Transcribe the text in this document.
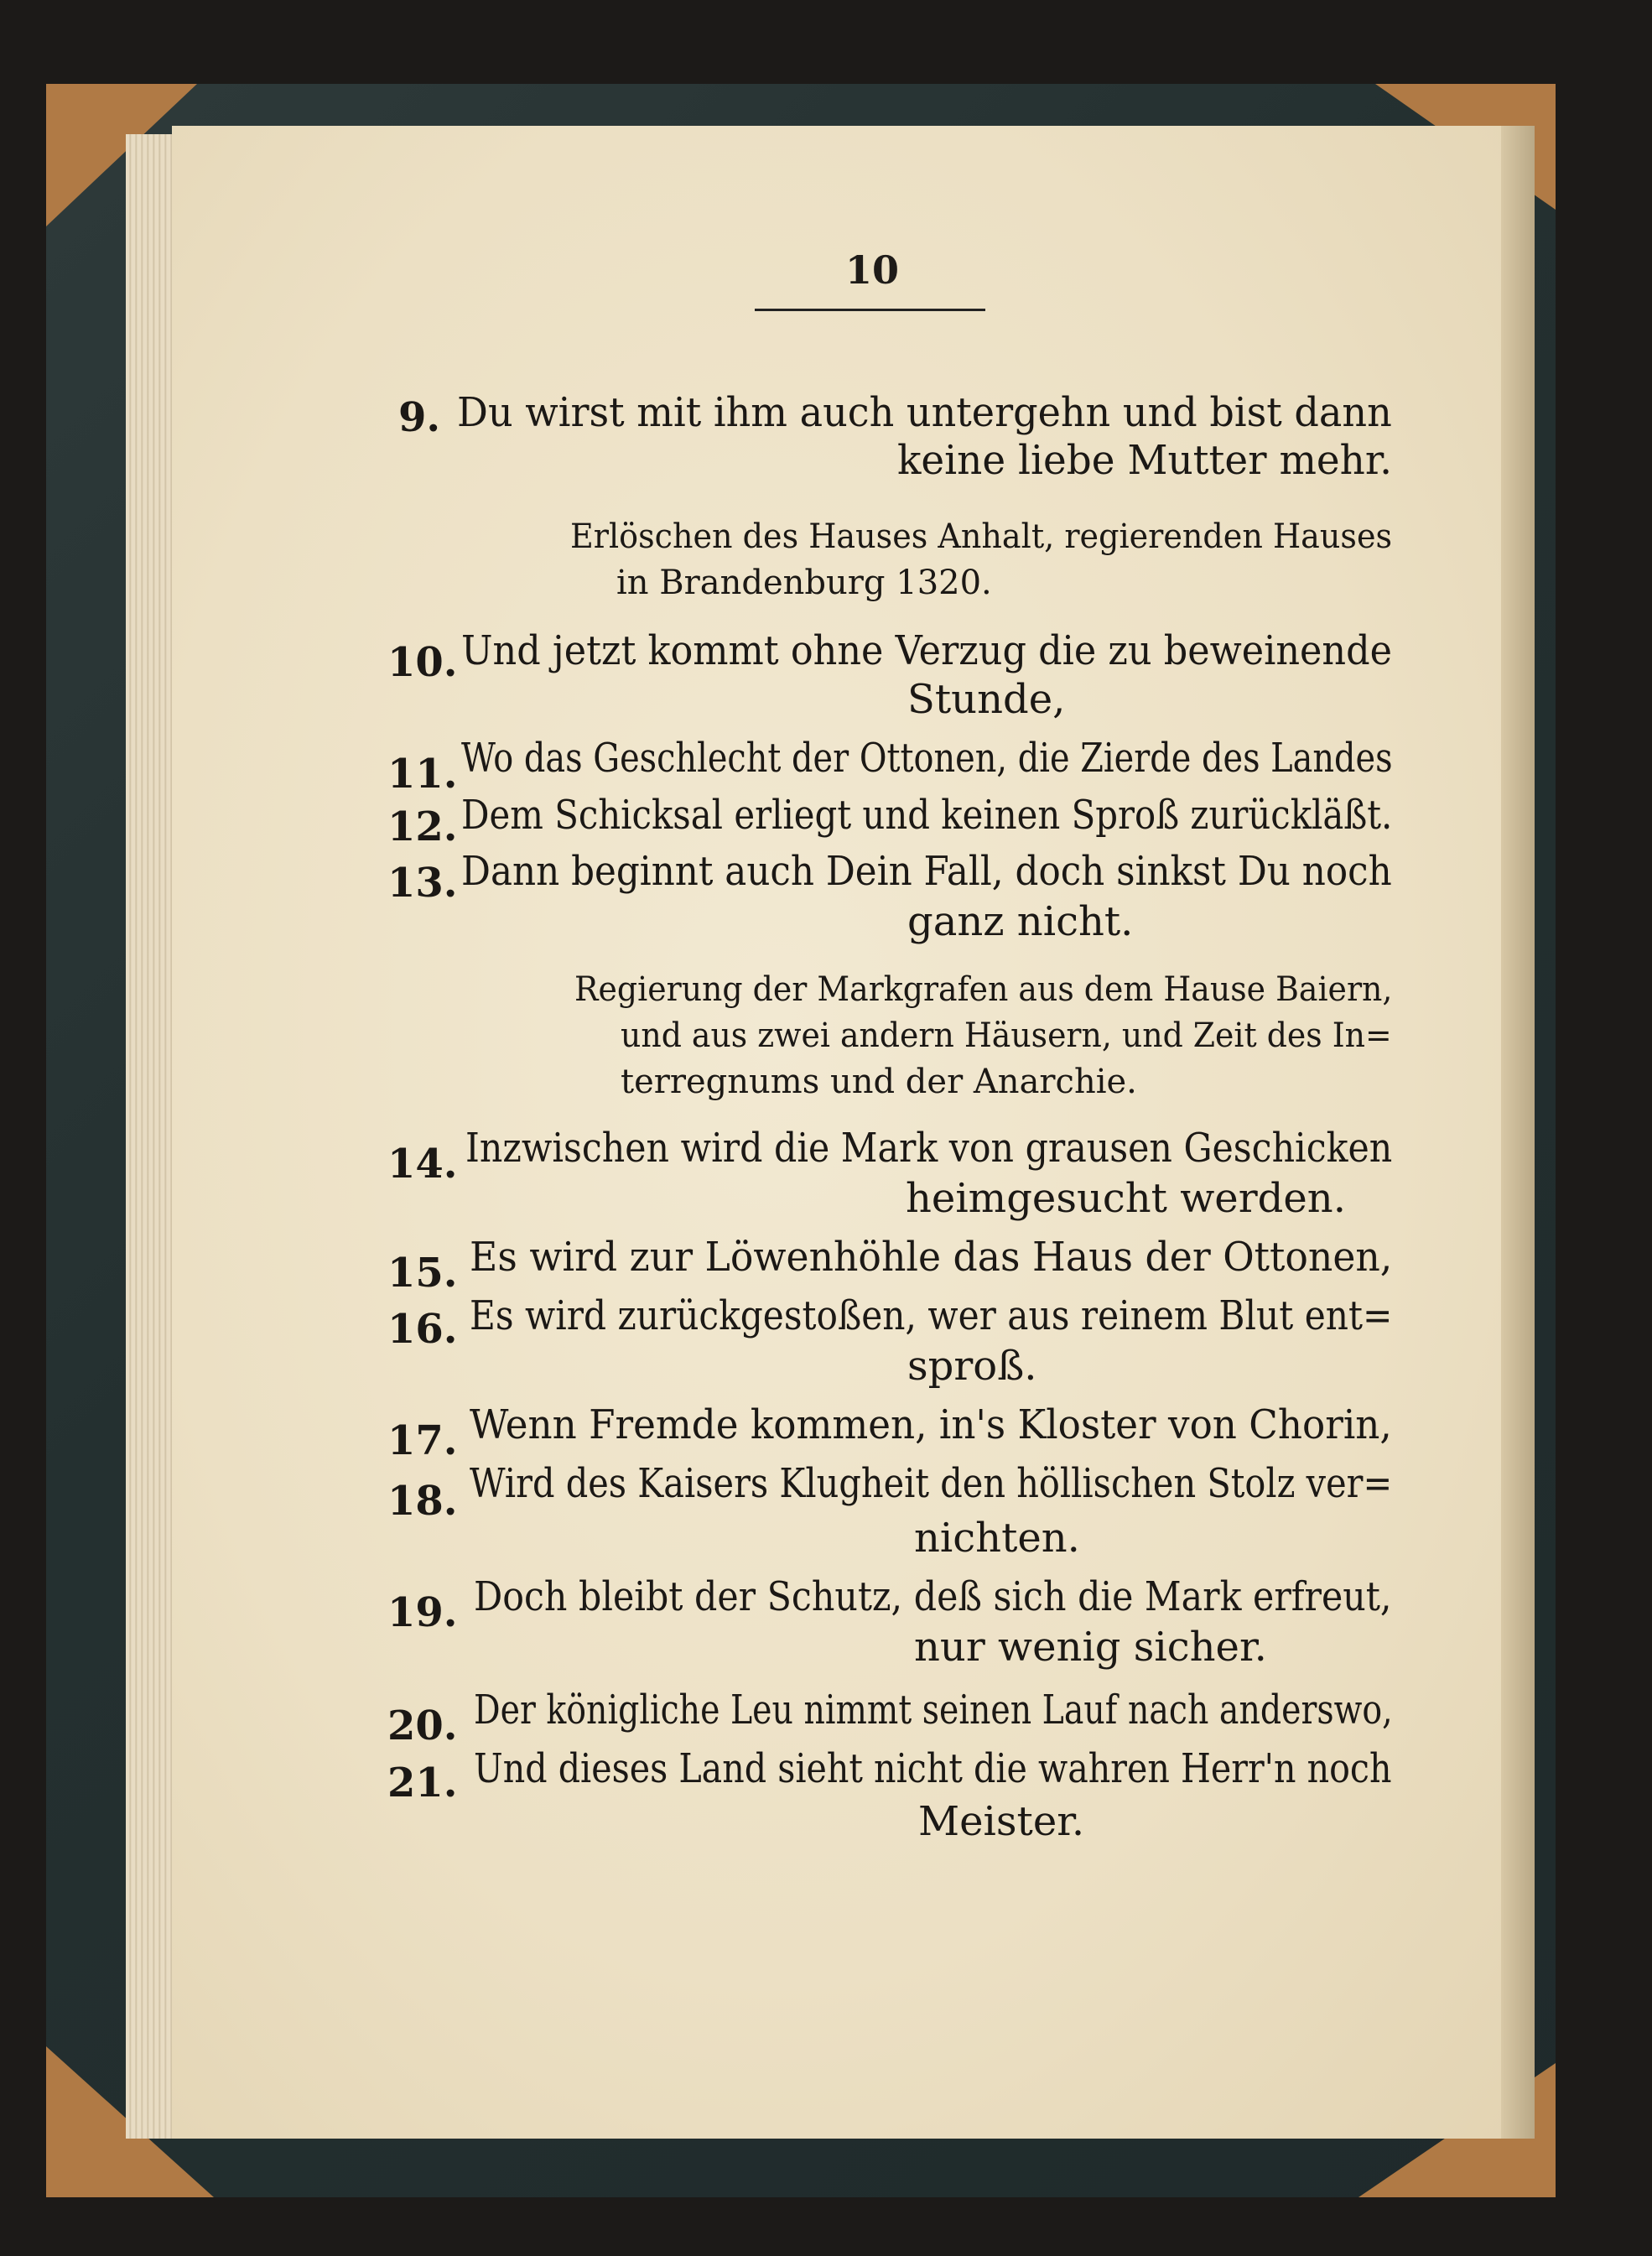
10
9. Du wirst mit ihm auch untergehn und bist dann
keine liebe Mutter mehr.
Erlöschen des Hauses Anhalt, regierenden Hauses
in Brandenburg 1320.
10. Und jetzt kommt ohne Verzug die zu beweinende
Stunde,
11. Wo das Geschlecht der Ottonen, die Zierde des Landes
12. Dem Schicksal erliegt und keinen Sproß zurückläßt.
13. Dann beginnt auch Dein Fall, doch sinkst Du noch
ganz nicht.
Regierung der Markgrafen aus dem Hause Baiern,
und aus zwei andern Häusern, und Zeit des In=
terregnums und der Anarchie.
14. Inzwischen wird die Mark von grausen Geschicken
heimgesucht werden.
15. Es wird zur Löwenhöhle das Haus der Ottonen,
16. Es wird zurückgestoßen, wer aus reinem Blut ent=
sproß.
17. Wenn Fremde kommen, in's Kloster von Chorin,
18. Wird des Kaisers Klugheit den höllischen Stolz ver=
nichten.
19. Doch bleibt der Schutz, deß sich die Mark erfreut,
nur wenig sicher.
20. Der königliche Leu nimmt seinen Lauf nach anderswo,
21. Und dieses Land sieht nicht die wahren Herr'n noch
Meister.
